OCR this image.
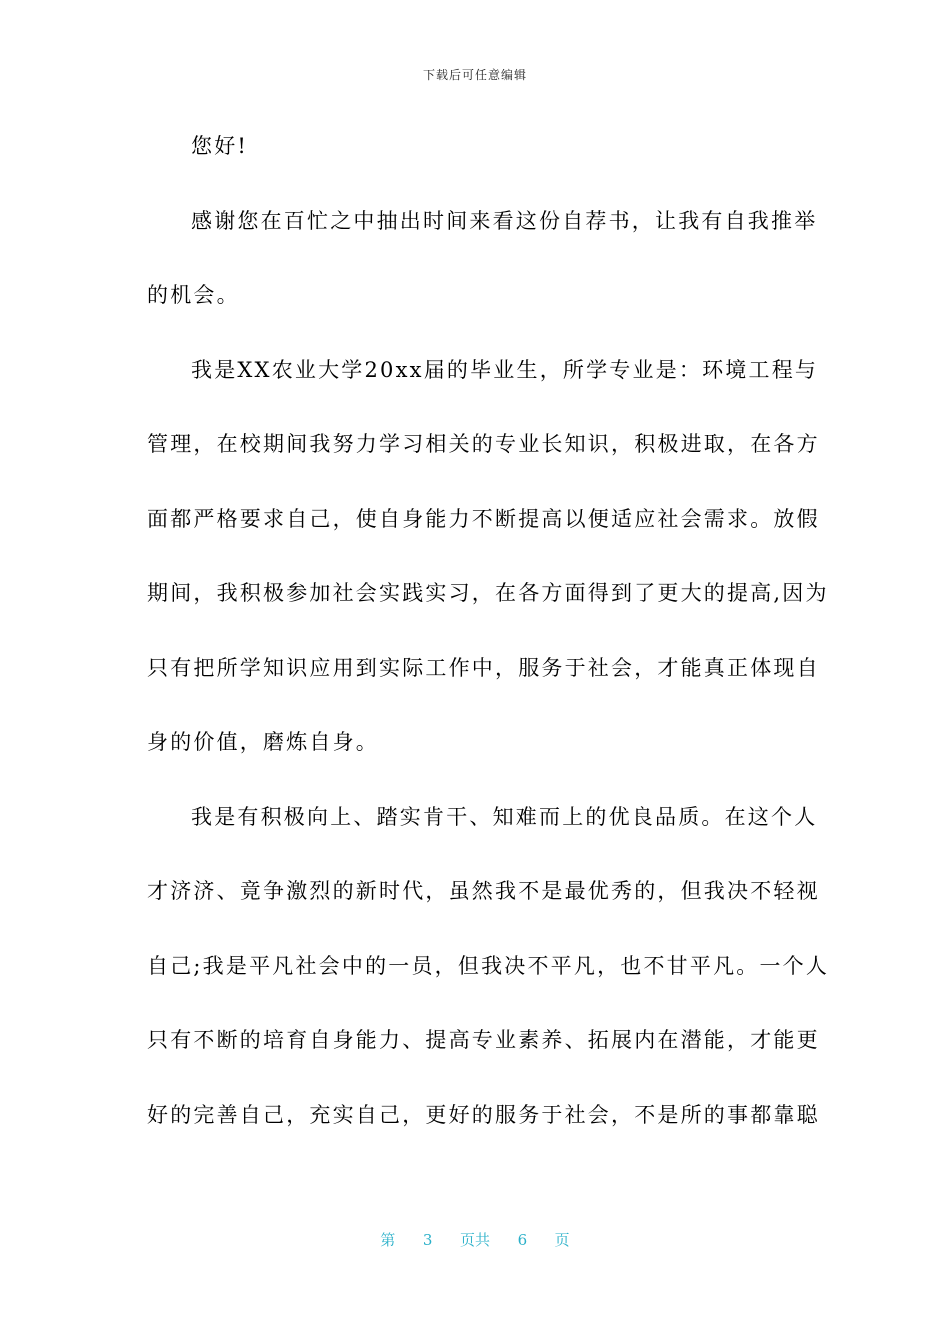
下载后可任意编辑
您好!
感谢您在百忙之中抽出时间来看这份自荐书，让我有自我推举
的机会。
我是XX农业大学20xx届的毕业生，所学专业是：环境工程与
管理，在校期间我努力学习相关的专业长知识，积极进取，在各方
面都严格要求自己，使自身能力不断提高以便适应社会需求。放假
期间，我积极参加社会实践实习，在各方面得到了更大的提高,因为
只有把所学知识应用到实际工作中，服务于社会，才能真正体现自
身的价值，磨炼自身。
我是有积极向上、踏实肯干、知难而上的优良品质。在这个人
才济济、竟争激烈的新时代，虽然我不是最优秀的，但我决不轻视
自己;我是平凡社会中的一员，但我决不平凡，也不甘平凡。一个人
只有不断的培育自身能力、提高专业素养、拓展内在潜能，才能更
好的完善自己，充实自己，更好的服务于社会，不是所的事都靠聪
第 3 页共 6 页
